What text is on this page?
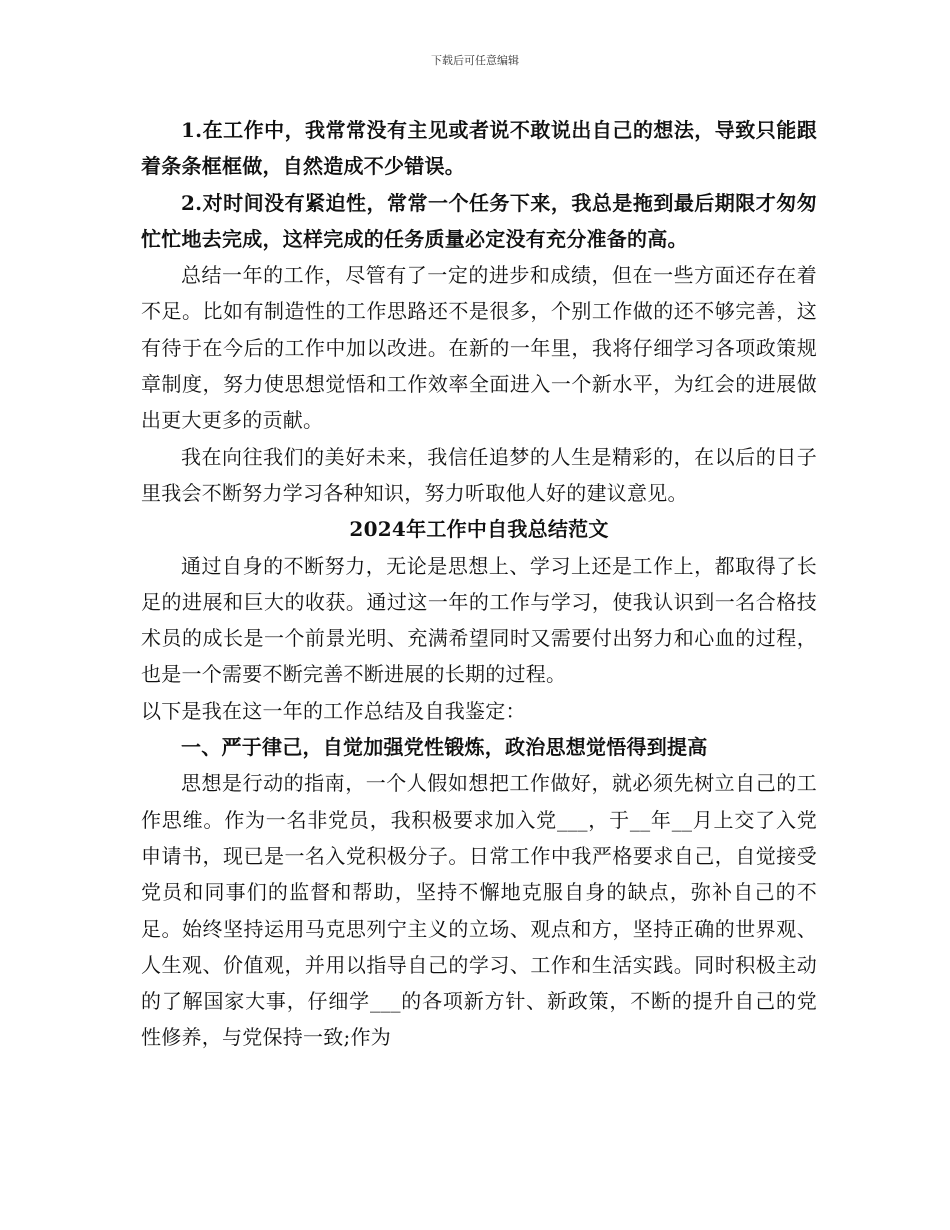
下载后可任意编辑

1.在工作中，我常常没有主见或者说不敢说出自己的想法，导致只能跟着条条框框做，自然造成不少错误。

2.对时间没有紧迫性，常常一个任务下来，我总是拖到最后期限才匆匆忙忙地去完成，这样完成的任务质量必定没有充分准备的高。

总结一年的工作，尽管有了一定的进步和成绩，但在一些方面还存在着不足。比如有制造性的工作思路还不是很多，个别工作做的还不够完善，这有待于在今后的工作中加以改进。在新的一年里，我将仔细学习各项政策规章制度，努力使思想觉悟和工作效率全面进入一个新水平，为红会的进展做出更大更多的贡献。

我在向往我们的美好未来，我信任追梦的人生是精彩的，在以后的日子里我会不断努力学习各种知识，努力听取他人好的建议意见。

2024年工作中自我总结范文

通过自身的不断努力，无论是思想上、学习上还是工作上，都取得了长足的进展和巨大的收获。通过这一年的工作与学习，使我认识到一名合格技术员的成长是一个前景光明、充满希望同时又需要付出努力和心血的过程，也是一个需要不断完善不断进展的长期的过程。

以下是我在这一年的工作总结及自我鉴定：

一、严于律己，自觉加强党性锻炼，政治思想觉悟得到提高

思想是行动的指南，一个人假如想把工作做好，就必须先树立自己的工作思维。作为一名非党员，我积极要求加入党___，于__年__月上交了入党申请书，现已是一名入党积极分子。日常工作中我严格要求自己，自觉接受党员和同事们的监督和帮助，坚持不懈地克服自身的缺点，弥补自己的不足。始终坚持运用马克思列宁主义的立场、观点和方，坚持正确的世界观、人生观、价值观，并用以指导自己的学习、工作和生活实践。同时积极主动的了解国家大事，仔细学___的各项新方针、新政策，不断的提升自己的党性修养，与党保持一致;作为
